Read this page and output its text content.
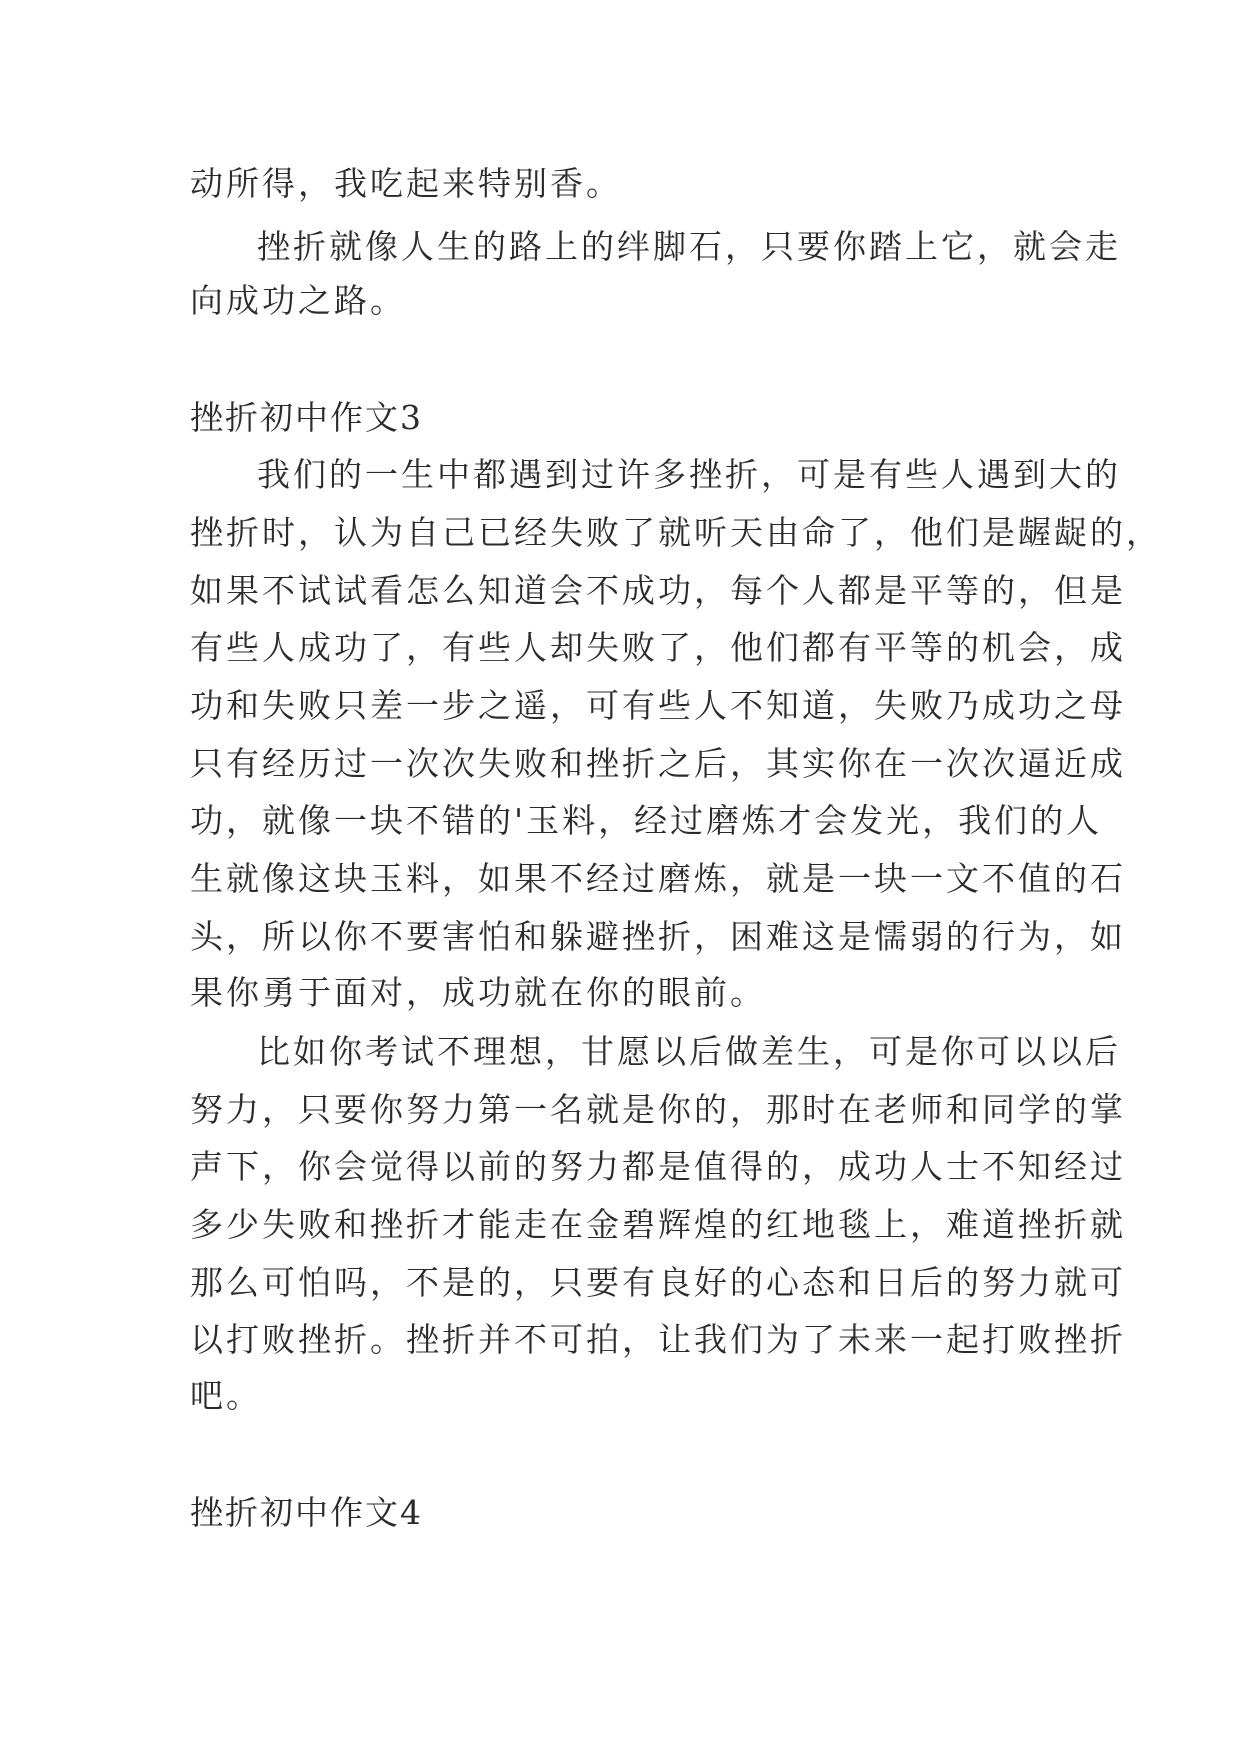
动所得，我吃起来特别香。
挫折就像人生的路上的绊脚石，只要你踏上它，就会走
向成功之路。
挫折初中作文3
我们的一生中都遇到过许多挫折，可是有些人遇到大的
挫折时，认为自己已经失败了就听天由命了，他们是龌龊的，
如果不试试看怎么知道会不成功，每个人都是平等的，但是
有些人成功了，有些人却失败了，他们都有平等的机会，成
功和失败只差一步之遥，可有些人不知道，失败乃成功之母
只有经历过一次次失败和挫折之后，其实你在一次次逼近成
功，就像一块不错的'玉料，经过磨炼才会发光，我们的人
生就像这块玉料，如果不经过磨炼，就是一块一文不值的石
头，所以你不要害怕和躲避挫折，困难这是懦弱的行为，如
果你勇于面对，成功就在你的眼前。
比如你考试不理想，甘愿以后做差生，可是你可以以后
努力，只要你努力第一名就是你的，那时在老师和同学的掌
声下，你会觉得以前的努力都是值得的，成功人士不知经过
多少失败和挫折才能走在金碧辉煌的红地毯上，难道挫折就
那么可怕吗，不是的，只要有良好的心态和日后的努力就可
以打败挫折。挫折并不可拍，让我们为了未来一起打败挫折
吧。
挫折初中作文4
